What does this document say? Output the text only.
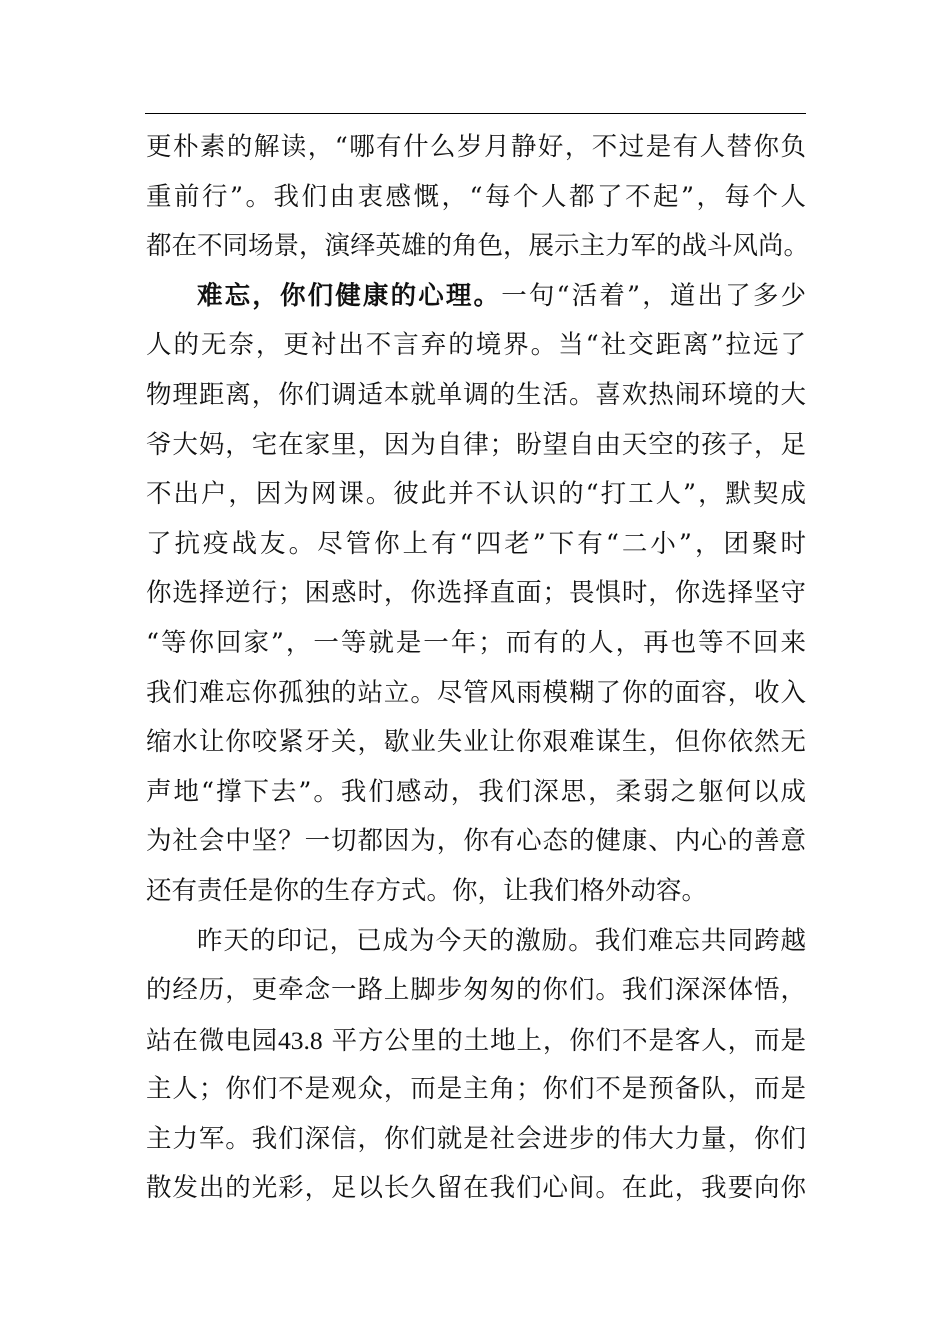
更朴素的解读，“哪有什么岁月静好，不过是有人替你负
重前行”。我们由衷感慨，“每个人都了不起”，每个人
都在不同场景，演绎英雄的角色，展示主力军的战斗风尚。
难忘，你们健康的心理。一句“活着”，道出了多少
人的无奈，更衬出不言弃的境界。当“社交距离”拉远了
物理距离，你们调适本就单调的生活。喜欢热闹环境的大
爷大妈，宅在家里，因为自律；盼望自由天空的孩子，足
不出户，因为网课。彼此并不认识的“打工人”，默契成
了抗疫战友。尽管你上有“四老”下有“二小”，团聚时
你选择逆行；困惑时，你选择直面；畏惧时，你选择坚守
“等你回家”，一等就是一年；而有的人，再也等不回来
我们难忘你孤独的站立。尽管风雨模糊了你的面容，收入
缩水让你咬紧牙关，歇业失业让你艰难谋生，但你依然无
声地“撑下去”。我们感动，我们深思，柔弱之躯何以成
为社会中坚？一切都因为，你有心态的健康、内心的善意
还有责任是你的生存方式。你，让我们格外动容。
昨天的印记，已成为今天的激励。我们难忘共同跨越
的经历，更牵念一路上脚步匆匆的你们。我们深深体悟，
站在微电园43.8 平方公里的土地上，你们不是客人，而是
主人；你们不是观众，而是主角；你们不是预备队，而是
主力军。我们深信，你们就是社会进步的伟大力量，你们
散发出的光彩，足以长久留在我们心间。在此，我要向你
